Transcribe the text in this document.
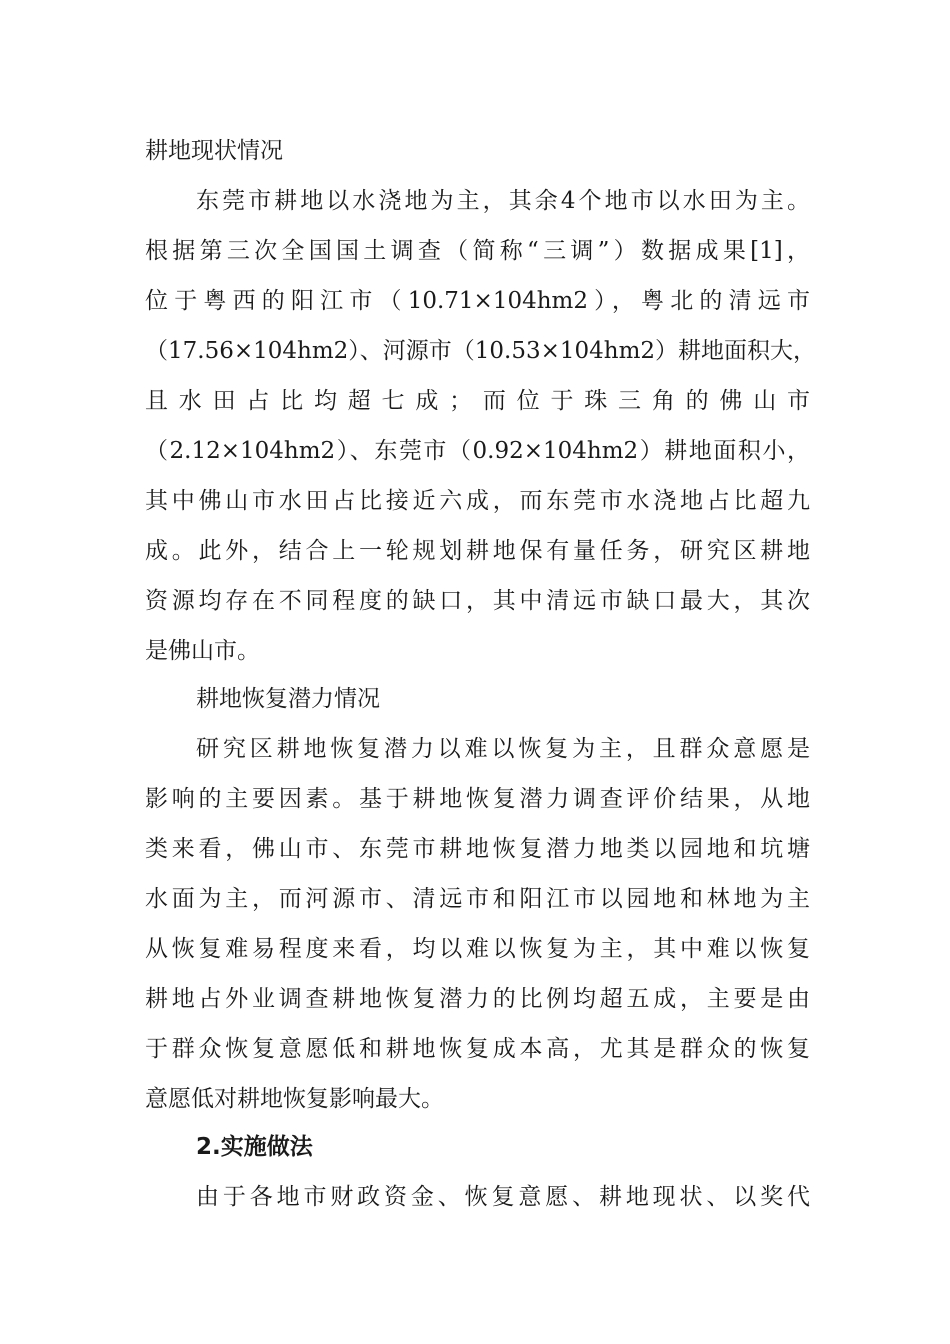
耕地现状情况
东莞市耕地以水浇地为主，其余4个地市以水田为主。
根据第三次全国国土调查（简称“三调”）数据成果[1]，
位于粤西的阳江市（10.71×104hm2），粤北的清远市
（17.56×104hm2）、河源市（10.53×104hm2）耕地面积大，
且水田占比均超七成；而位于珠三角的佛山市
（2.12×104hm2）、东莞市（0.92×104hm2）耕地面积小，
其中佛山市水田占比接近六成，而东莞市水浇地占比超九
成。此外，结合上一轮规划耕地保有量任务，研究区耕地
资源均存在不同程度的缺口，其中清远市缺口最大，其次
是佛山市。
耕地恢复潜力情况
研究区耕地恢复潜力以难以恢复为主，且群众意愿是
影响的主要因素。基于耕地恢复潜力调查评价结果，从地
类来看，佛山市、东莞市耕地恢复潜力地类以园地和坑塘
水面为主，而河源市、清远市和阳江市以园地和林地为主
从恢复难易程度来看，均以难以恢复为主，其中难以恢复
耕地占外业调查耕地恢复潜力的比例均超五成，主要是由
于群众恢复意愿低和耕地恢复成本高，尤其是群众的恢复
意愿低对耕地恢复影响最大。
2.实施做法
由于各地市财政资金、恢复意愿、耕地现状、以奖代
